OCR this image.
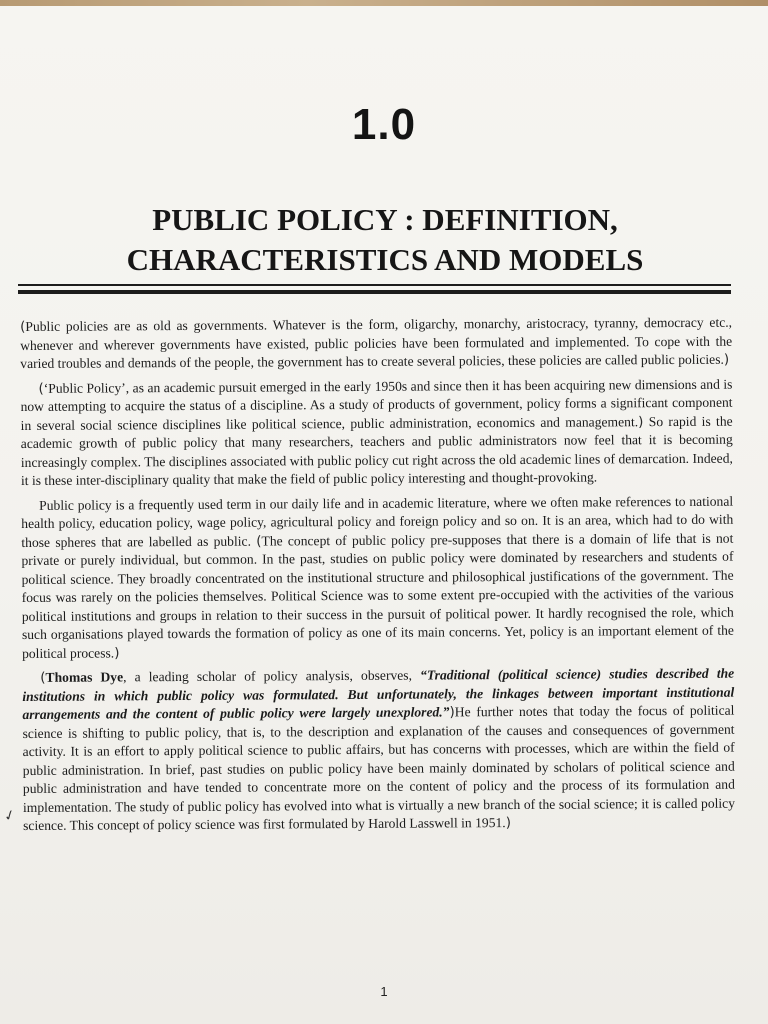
1.0
PUBLIC POLICY : DEFINITION,
CHARACTERISTICS AND MODELS

(Public policies are as old as governments. Whatever is the form, oligarchy, monarchy, aristocracy, tyranny, democracy etc., whenever and wherever governments have existed, public policies have been formulated and implemented. To cope with the varied troubles and demands of the people, the government has to create several policies, these policies are called public policies.)

(‘Public Policy’, as an academic pursuit emerged in the early 1950s and since then it has been acquiring new dimensions and is now attempting to acquire the status of a discipline. As a study of products of government, policy forms a significant component in several social science disciplines like political science, public administration, economics and management.) So rapid is the academic growth of public policy that many researchers, teachers and public administrators now feel that it is becoming increasingly complex. The disciplines associated with public policy cut right across the old academic lines of demarcation. Indeed, it is these inter-disciplinary quality that make the field of public policy interesting and thought-provoking.

Public policy is a frequently used term in our daily life and in academic literature, where we often make references to national health policy, education policy, wage policy, agricultural policy and foreign policy and so on. It is an area, which had to do with those spheres that are labelled as public. (The concept of public policy pre-supposes that there is a domain of life that is not private or purely individual, but common. In the past, studies on public policy were dominated by researchers and students of political science. They broadly concentrated on the institutional structure and philosophical justifications of the government. The focus was rarely on the policies themselves. Political Science was to some extent pre-occupied with the activities of the various political institutions and groups in relation to their success in the pursuit of political power. It hardly recognised the role, which such organisations played towards the formation of policy as one of its main concerns. Yet, policy is an important element of the political process.)

(Thomas Dye, a leading scholar of policy analysis, observes, “Traditional (political science) studies described the institutions in which public policy was formulated. But unfortunately, the linkages between important institutional arrangements and the content of public policy were largely unexplored.”)He further notes that today the focus of political science is shifting to public policy, that is, to the description and explanation of the causes and consequences of government activity. It is an effort to apply political science to public affairs, but has concerns with processes, which are within the field of public administration. In brief, past studies on public policy have been mainly dominated by scholars of political science and public administration and have tended to concentrate more on the content of policy and the process of its formulation and implementation. The study of public policy has evolved into what is virtually a new branch of the social science; it is called policy science. This concept of policy science was first formulated by Harold Lasswell in 1951.)

✓
1
